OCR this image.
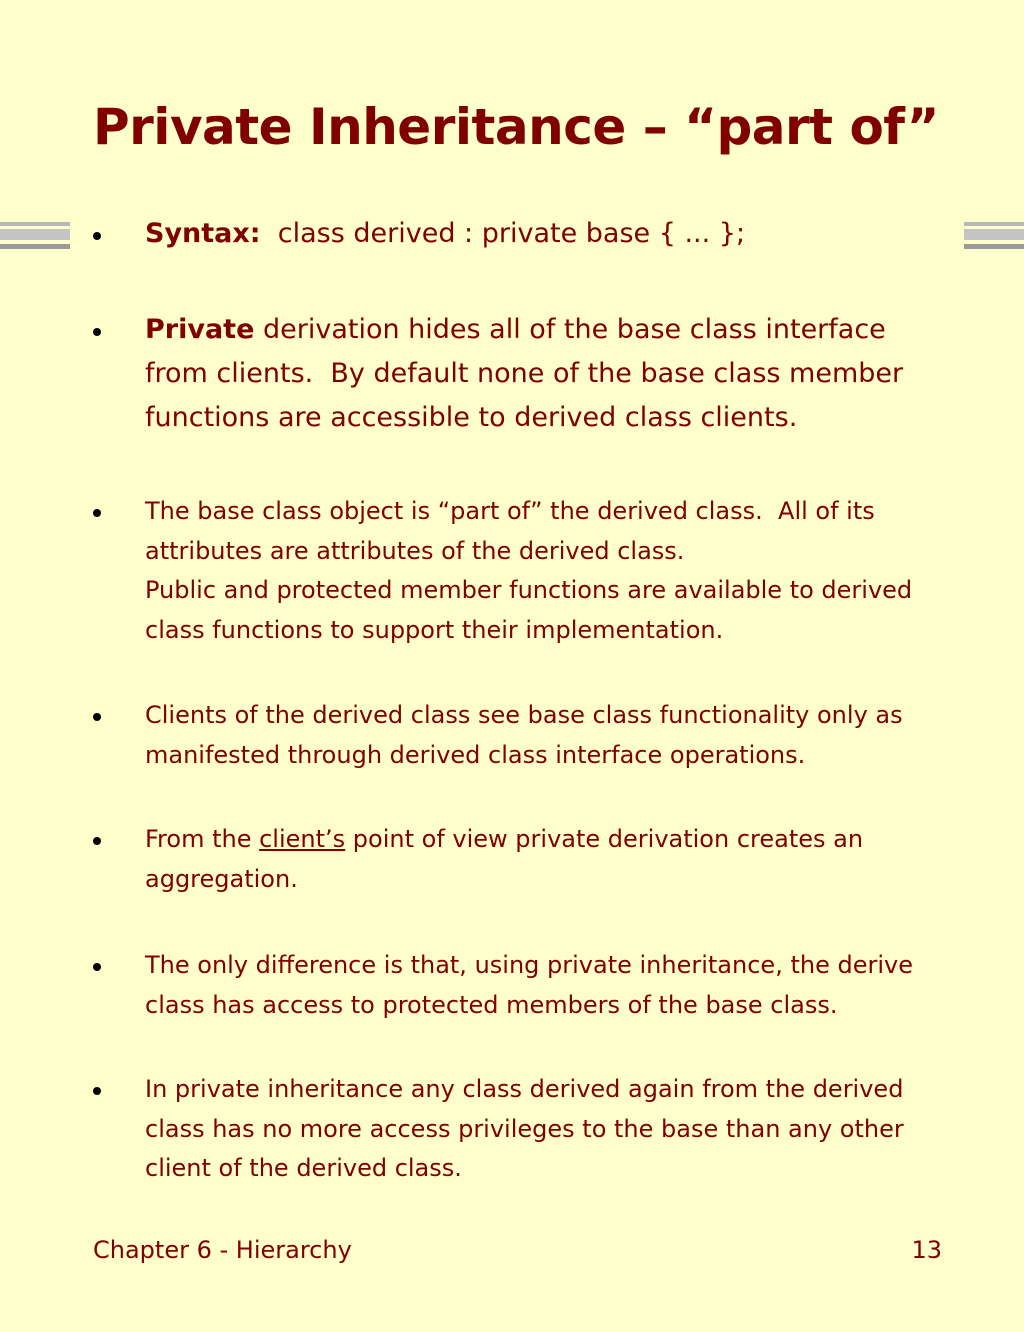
Private Inheritance – “part of”
Syntax:  class derived : private base { ... };
Private derivation hides all of the base class interface
from clients.  By default none of the base class member
functions are accessible to derived class clients.
The base class object is “part of” the derived class.  All of its
attributes are attributes of the derived class.
Public and protected member functions are available to derived
class functions to support their implementation.
Clients of the derived class see base class functionality only as
manifested through derived class interface operations.
From the client’s point of view private derivation creates an
aggregation.
The only difference is that, using private inheritance, the derive
class has access to protected members of the base class.
In private inheritance any class derived again from the derived
class has no more access privileges to the base than any other
client of the derived class.
Chapter 6 - Hierarchy	13
